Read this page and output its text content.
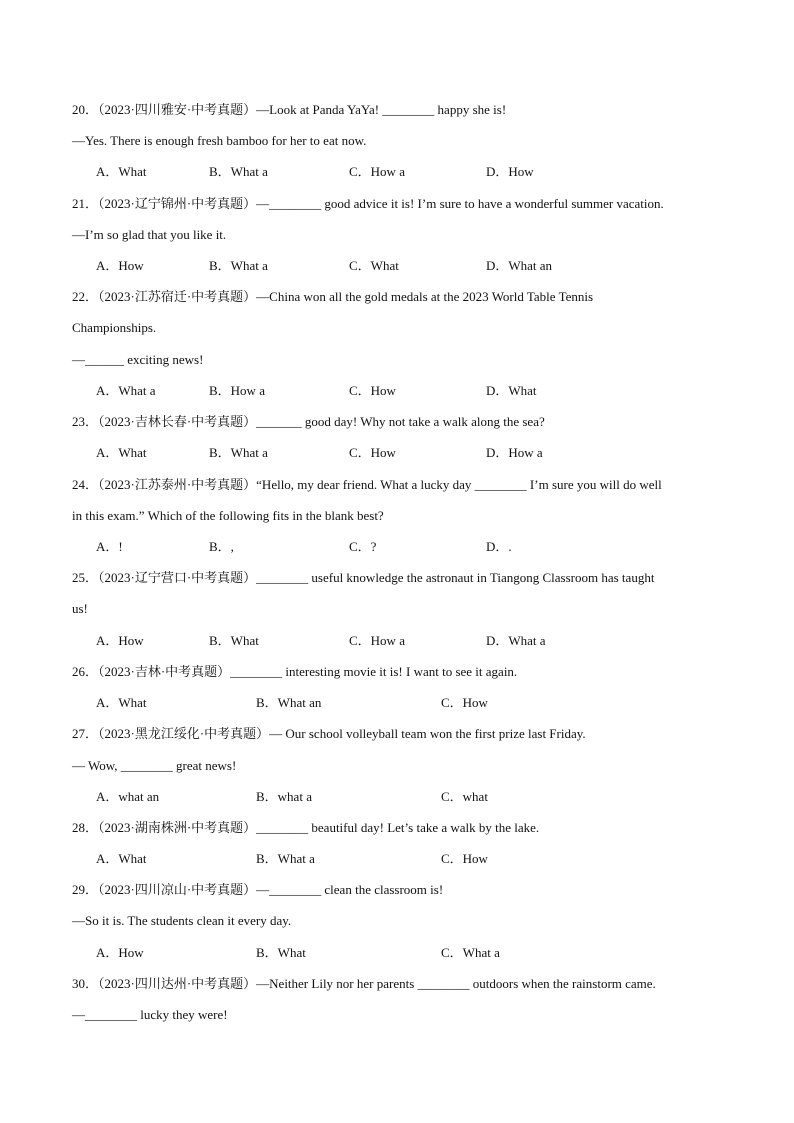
20．（2023·四川雅安·中考真题）—Look at Panda YaYa! ________ happy she is!
—Yes. There is enough fresh bamboo for her to eat now.
A．What	B．What a	C．How a	D．How
21．（2023·辽宁锦州·中考真题）—________ good advice it is! I’m sure to have a wonderful summer vacation.
—I’m so glad that you like it.
A．How	B．What a	C．What	D．What an
22．（2023·江苏宿迁·中考真题）—China won all the gold medals at the 2023 World Table Tennis
Championships.
—______ exciting news!
A．What a	B．How a	C．How	D．What
23．（2023·吉林长春·中考真题）_______ good day! Why not take a walk along the sea?
A．What	B．What a	C．How	D．How a
24．（2023·江苏泰州·中考真题）“Hello, my dear friend. What a lucky day ________ I’m sure you will do well
in this exam.” Which of the following fits in the blank best?
A．!	B．,	C．?	D．.
25．（2023·辽宁营口·中考真题）________ useful knowledge the astronaut in Tiangong Classroom has taught
us!
A．How	B．What	C．How a	D．What a
26．（2023·吉林·中考真题）________ interesting movie it is! I want to see it again.
A．What	B．What an	C．How
27．（2023·黑龙江绥化·中考真题）— Our school volleyball team won the first prize last Friday.
— Wow, ________ great news!
A．what an	B．what a	C．what
28．（2023·湖南株洲·中考真题）________ beautiful day! Let’s take a walk by the lake.
A．What	B．What a	C．How
29．（2023·四川凉山·中考真题）—________ clean the classroom is!
—So it is. The students clean it every day.
A．How	B．What	C．What a
30．（2023·四川达州·中考真题）—Neither Lily nor her parents ________ outdoors when the rainstorm came.
—________ lucky they were!
